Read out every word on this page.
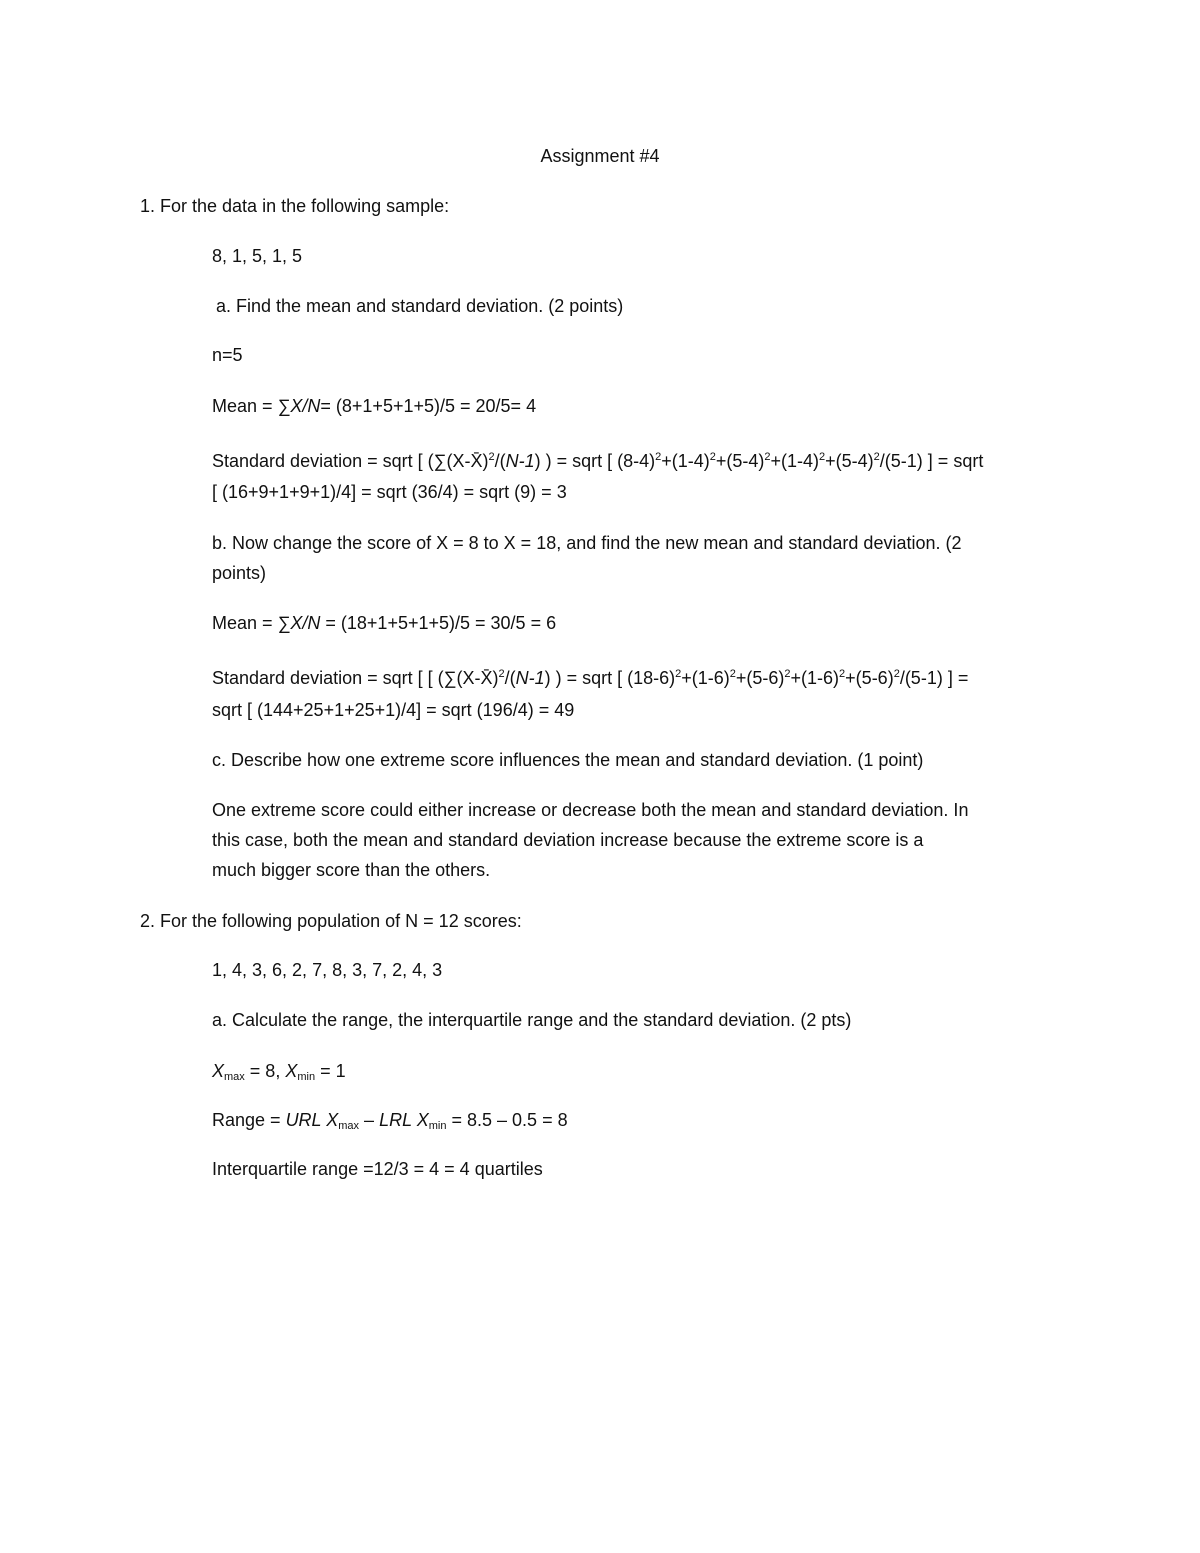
Assignment #4
1. For the data in the following sample:
8, 1, 5, 1, 5
a. Find the mean and standard deviation. (2 points)
n=5
Mean = ∑X/N= (8+1+5+1+5)/5 = 20/5= 4
Standard deviation = sqrt [ (∑(X-X̄)$^2$/(N-1) ) = sqrt [ $(8-4)^2+(1-4)^2+(5-4)^2+(1-4)^2+(5-4)^2/(5-1)$ ] = sqrt
[ (16+9+1+9+1)/4] = sqrt (36/4) = sqrt (9) = 3
b. Now change the score of X = 8 to X = 18, and find the new mean and standard deviation. (2
points)
Mean = ∑X/N = (18+1+5+1+5)/5 = 30/5 = 6
Standard deviation = sqrt [ [ (∑(X-X̄)$^2$/(N-1) ) = sqrt [ $(18-6)^2+(1-6)^2+(5-6)^2+(1-6)^2+(5-6)^2/(5-1)$ ] =
sqrt [ (144+25+1+25+1)/4] = sqrt (196/4) = 49
c. Describe how one extreme score influences the mean and standard deviation. (1 point)
One extreme score could either increase or decrease both the mean and standard deviation. In
this case, both the mean and standard deviation increase because the extreme score is a
much bigger score than the others.
2. For the following population of N = 12 scores:
1, 4, 3, 6, 2, 7, 8, 3, 7, 2, 4, 3
a. Calculate the range, the interquartile range and the standard deviation. (2 pts)
$X_{max} = 8$, $X_{min} = 1$
Range = URL $X_{max}$ – LRL $X_{min} = 8.5 - 0.5 = 8$
Interquartile range =12/3 = 4 = 4 quartiles
